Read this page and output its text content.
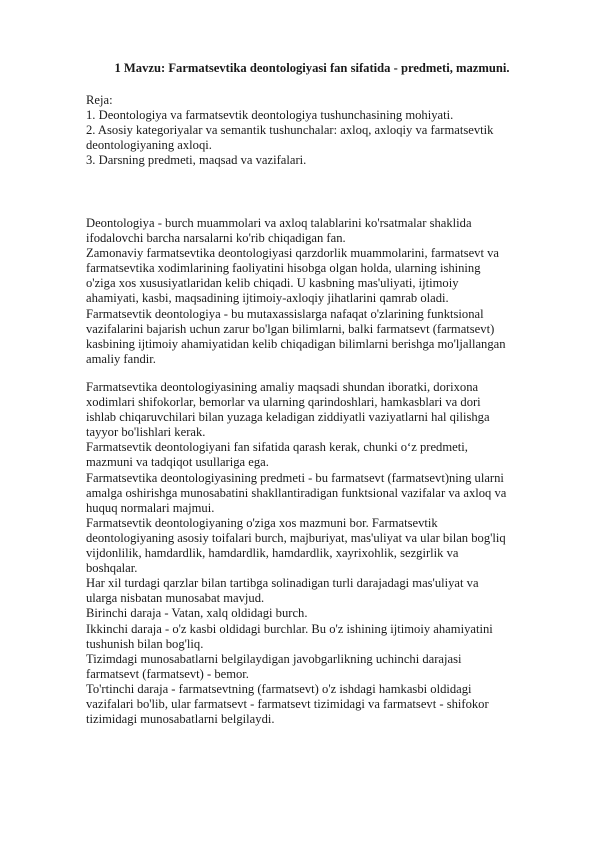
1 Mavzu: Farmatsevtika deontologiyasi fan sifatida - predmeti, mazmuni.
Reja:
1. Deontologiya va farmatsevtik deontologiya tushunchasining mohiyati.
2. Asosiy kategoriyalar va semantik tushunchalar: axloq, axloqiy va farmatsevtik
deontologiyaning axloqi.
3. Darsning predmeti, maqsad va vazifalari.
Deontologiya - burch muammolari va axloq talablarini ko'rsatmalar shaklida
ifodalovchi barcha narsalarni ko'rib chiqadigan fan.
Zamonaviy farmatsevtika deontologiyasi qarzdorlik muammolarini, farmatsevt va
farmatsevtika xodimlarining faoliyatini hisobga olgan holda, ularning ishining
o'ziga xos xususiyatlaridan kelib chiqadi. U kasbning mas'uliyati, ijtimoiy
ahamiyati, kasbi, maqsadining ijtimoiy-axloqiy jihatlarini qamrab oladi.
Farmatsevtik deontologiya - bu mutaxassislarga nafaqat o'zlarining funktsional
vazifalarini bajarish uchun zarur bo'lgan bilimlarni, balki farmatsevt (farmatsevt)
kasbining ijtimoiy ahamiyatidan kelib chiqadigan bilimlarni berishga mo'ljallangan
amaliy fandir.
Farmatsevtika deontologiyasining amaliy maqsadi shundan iboratki, dorixona
xodimlari shifokorlar, bemorlar va ularning qarindoshlari, hamkasblari va dori
ishlab chiqaruvchilari bilan yuzaga keladigan ziddiyatli vaziyatlarni hal qilishga
tayyor bo'lishlari kerak.
Farmatsevtik deontologiyani fan sifatida qarash kerak, chunki o‘z predmeti,
mazmuni va tadqiqot usullariga ega.
Farmatsevtika deontologiyasining predmeti - bu farmatsevt (farmatsevt)ning ularni
amalga oshirishga munosabatini shakllantiradigan funktsional vazifalar va axloq va
huquq normalari majmui.
Farmatsevtik deontologiyaning o'ziga xos mazmuni bor. Farmatsevtik
deontologiyaning asosiy toifalari burch, majburiyat, mas'uliyat va ular bilan bog'liq
vijdonlilik, hamdardlik, hamdardlik, hamdardlik, xayrixohlik, sezgirlik va
boshqalar.
Har xil turdagi qarzlar bilan tartibga solinadigan turli darajadagi mas'uliyat va
ularga nisbatan munosabat mavjud.
Birinchi daraja - Vatan, xalq oldidagi burch.
Ikkinchi daraja - o'z kasbi oldidagi burchlar. Bu o'z ishining ijtimoiy ahamiyatini
tushunish bilan bog'liq.
Tizimdagi munosabatlarni belgilaydigan javobgarlikning uchinchi darajasi
farmatsevt (farmatsevt) - bemor.
To'rtinchi daraja - farmatsevtning (farmatsevt) o'z ishdagi hamkasbi oldidagi
vazifalari bo'lib, ular farmatsevt - farmatsevt tizimidagi va farmatsevt - shifokor
tizimidagi munosabatlarni belgilaydi.
